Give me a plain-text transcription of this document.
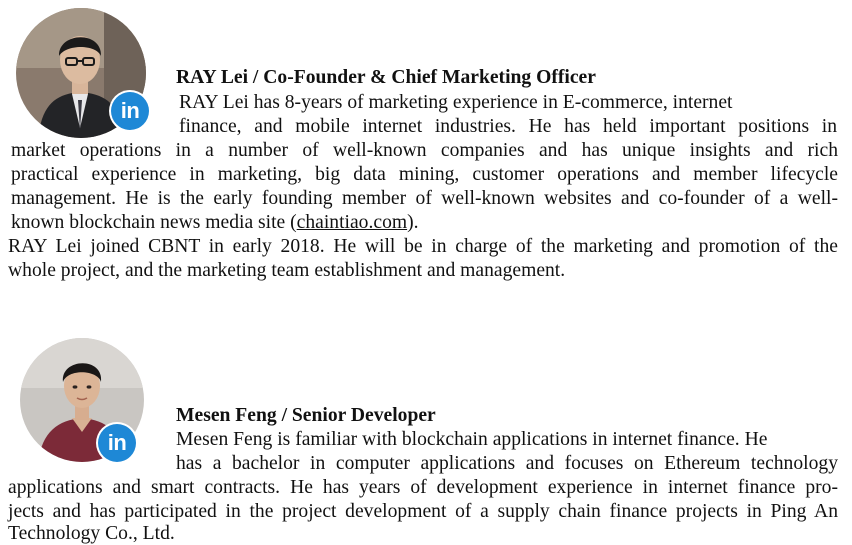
in
RAY Lei / Co-Founder & Chief Marketing Officer
RAY Lei has 8-years of marketing experience in E-commerce, internet
finance, and mobile internet industries. He has held important positions in
market operations in a number of well-known companies and has unique insights and rich
practical experience in marketing, big data mining, customer operations and member lifecycle
management. He is the early founding member of well-known websites and co-founder of a well-
known blockchain news media site (chaintiao.com).
RAY Lei joined CBNT in early 2018. He will be in charge of the marketing and promotion of the
whole project, and the marketing team establishment and management.
in
Mesen Feng / Senior Developer
Mesen Feng is familiar with blockchain applications in internet finance. He
has a bachelor in computer applications and focuses on Ethereum technology
applications and smart contracts. He has years of development experience in internet finance pro-
jects and has participated in the project development of a supply chain finance projects in Ping An
Technology Co., Ltd.
